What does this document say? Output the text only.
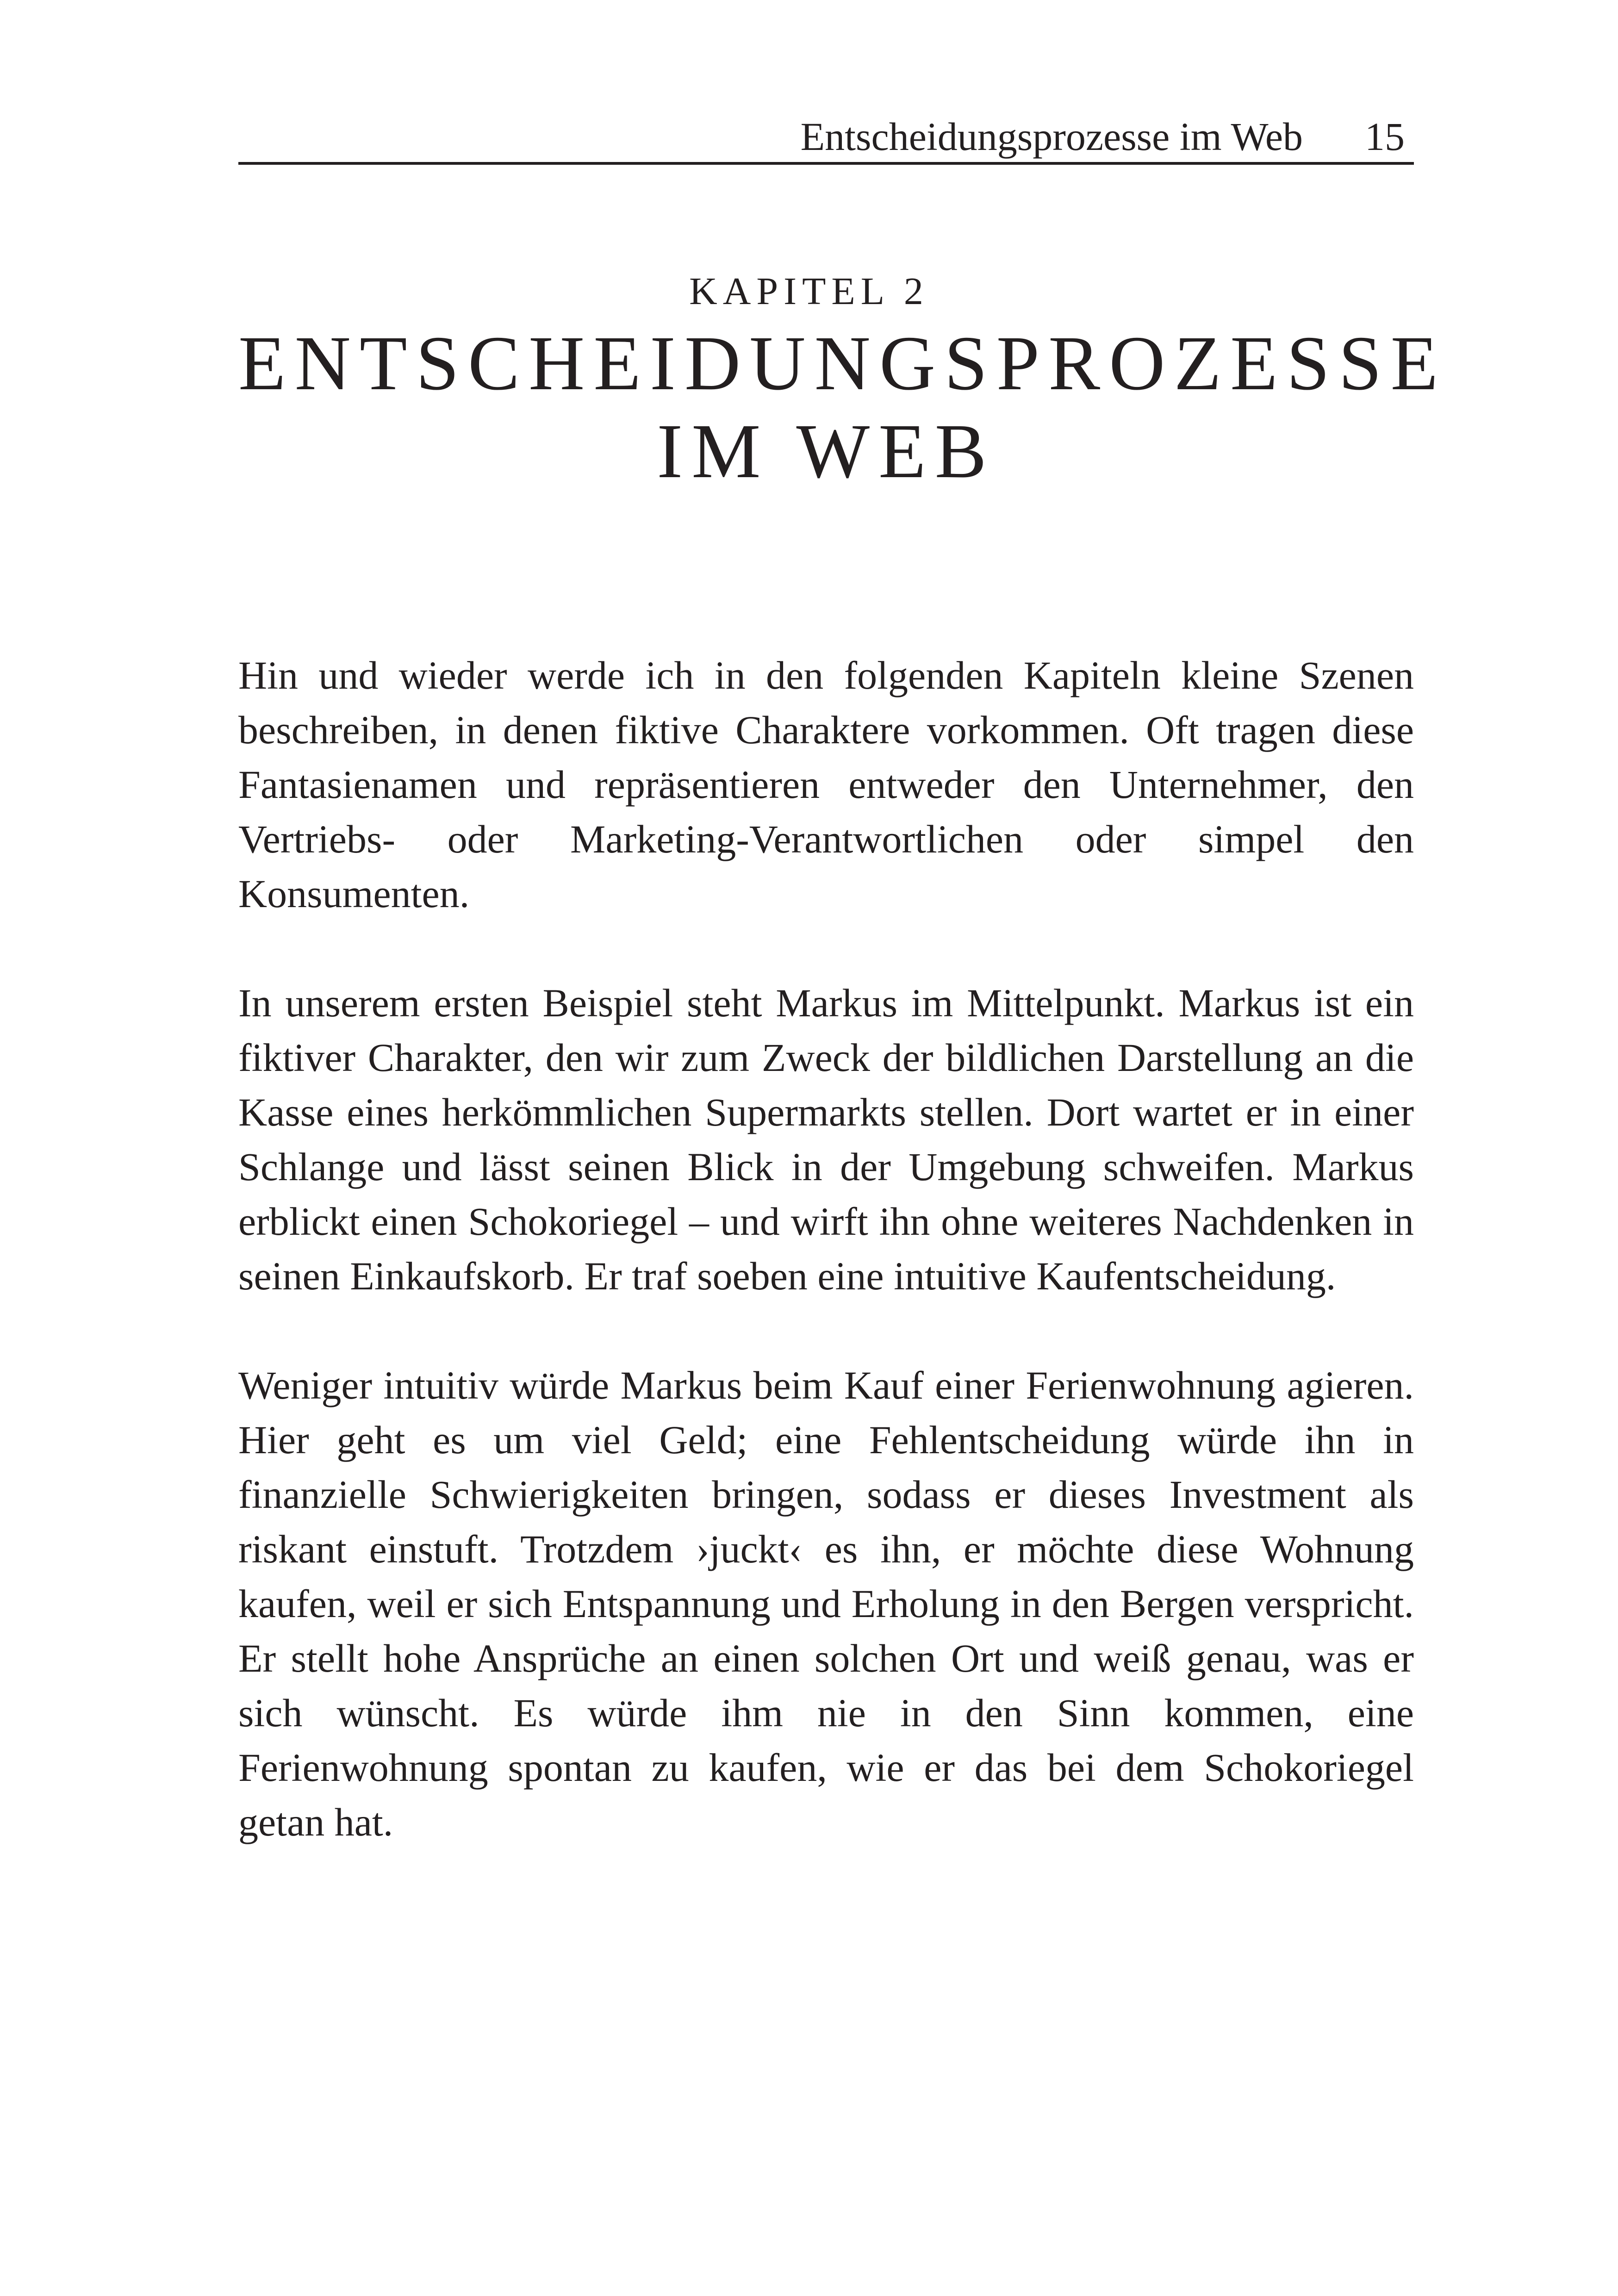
Entscheidungsprozesse im Web 15
KAPITEL 2
ENTSCHEIDUNGSPROZESSE
IM WEB

Hin und wieder werde ich in den folgenden Kapiteln kleine Szenen beschreiben, in denen fiktive Charaktere vorkommen. Oft tragen diese Fantasienamen und repräsentieren entweder den Unternehmer, den Vertriebs- oder Marketing-Verantwortlichen oder simpel den Konsumenten.

In unserem ersten Beispiel steht Markus im Mittelpunkt. Markus ist ein fiktiver Charakter, den wir zum Zweck der bildlichen Darstellung an die Kasse eines herkömmlichen Supermarkts stellen. Dort wartet er in einer Schlange und lässt seinen Blick in der Umgebung schweifen. Markus erblickt einen Schokoriegel – und wirft ihn ohne weiteres Nachdenken in seinen Einkaufskorb. Er traf soeben eine intuitive Kaufentscheidung.

Weniger intuitiv würde Markus beim Kauf einer Ferienwohnung agieren. Hier geht es um viel Geld; eine Fehlentscheidung würde ihn in finanzielle Schwierigkeiten bringen, sodass er dieses Investment als riskant einstuft. Trotzdem ›juckt‹ es ihn, er möchte diese Wohnung kaufen, weil er sich Entspannung und Erholung in den Bergen verspricht. Er stellt hohe Ansprüche an einen solchen Ort und weiß genau, was er sich wünscht. Es würde ihm nie in den Sinn kommen, eine Ferienwohnung spontan zu kaufen, wie er das bei dem Schokoriegel getan hat.
